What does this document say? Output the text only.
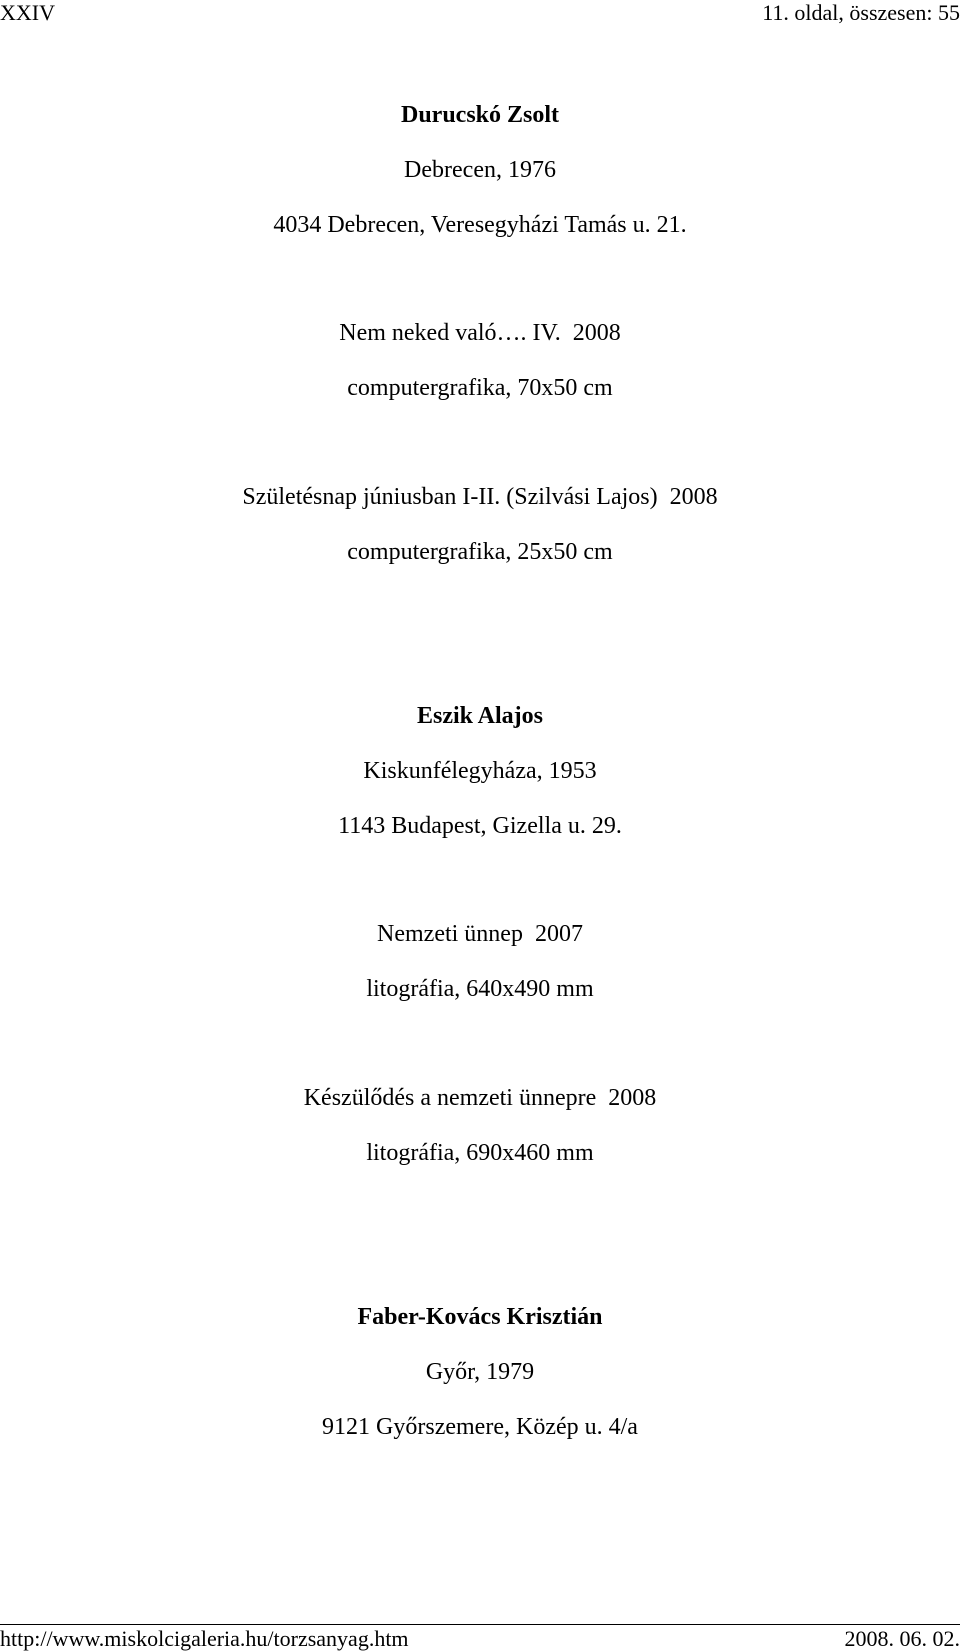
XXIV	11. oldal, összesen: 55
Durucskó Zsolt
Debrecen, 1976
4034 Debrecen, Veresegyházi Tamás u. 21.
Nem neked való…. IV.  2008
computergrafika, 70x50 cm
Születésnap júniusban I-II. (Szilvási Lajos)  2008
computergrafika, 25x50 cm
Eszik Alajos
Kiskunfélegyháza, 1953
1143 Budapest, Gizella u. 29.
Nemzeti ünnep  2007
litográfia, 640x490 mm
Készülődés a nemzeti ünnepre  2008
litográfia, 690x460 mm
Faber-Kovács Krisztián
Győr, 1979
9121 Győrszemere, Közép u. 4/a
http://www.miskolcigaleria.hu/torzsanyag.htm	2008. 06. 02.
